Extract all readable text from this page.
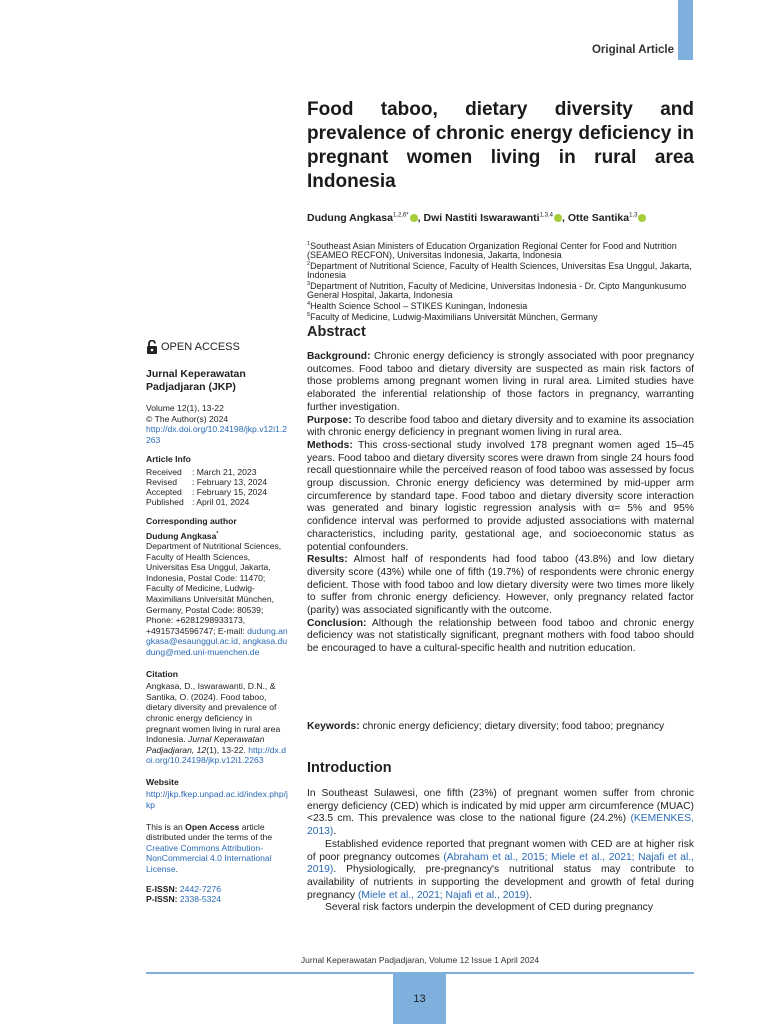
Original Article
Food taboo, dietary diversity and prevalence of chronic energy deficiency in pregnant women living in rural area Indonesia
Dudung Angkasa$^{1,2,6*}$ , Dwi Nastiti Iswarawanti$^{1,3,4}$ , Otte Santika$^{1,3}$
$^1$Southeast Asian Ministers of Education Organization Regional Center for Food and Nutrition (SEAMEO RECFON), Universitas Indonesia, Jakarta, Indonesia
$^2$Department of Nutritional Science, Faculty of Health Sciences, Universitas Esa Unggul, Jakarta, Indonesia
$^3$Department of Nutrition, Faculty of Medicine, Universitas Indonesia - Dr. Cipto Mangunkusumo General Hospital, Jakarta, Indonesia
$^4$Health Science School – STIKES Kuningan, Indonesia
$^5$Faculty of Medicine, Ludwig-Maximilians Universität München, Germany
Abstract

Background: Chronic energy deficiency is strongly associated with poor pregnancy outcomes. Food taboo and dietary diversity are suspected as main risk factors of those problems among pregnant women living in rural area. Limited studies have elaborated the inferential relationship of those factors in pregnancy, warranting further investigation.

Purpose: To describe food taboo and dietary diversity and to examine its association with chronic energy deficiency in pregnant women living in rural area.

Methods: This cross-sectional study involved 178 pregnant women aged 15–45 years. Food taboo and dietary diversity scores were drawn from single 24 hours food recall questionnaire while the perceived reason of food taboo was assessed by focus group discussion. Chronic energy deficiency was determined by mid-upper arm circumference by standard tape. Food taboo and dietary diversity score interaction was generated and binary logistic regression analysis with α= 5% and 95% confidence interval was performed to provide adjusted associations with maternal characteristics, including parity, gestational age, and socioeconomic status as potential confounders.

Results: Almost half of respondents had food taboo (43.8%) and low dietary diversity score (43%) while one of fifth (19.7%) of respondents were chronic energy deficient. Those with food taboo and low dietary diversity were two times more likely to suffer from chronic energy deficiency. However, only pregnancy related factor (parity) was associated significantly with the outcome.

Conclusion: Although the relationship between food taboo and chronic energy deficiency was not statistically significant, pregnant mothers with food taboo should be encouraged to have a cultural-specific health and nutrition education.

Keywords: chronic energy deficiency; dietary diversity; food taboo; pregnancy
Introduction

In Southeast Sulawesi, one fifth (23%) of pregnant women suffer from chronic energy deficiency (CED) which is indicated by mid upper arm circumference (MUAC) <23.5 cm. This prevalence was close to the national figure (24.2%) (KEMENKES, 2013).

Established evidence reported that pregnant women with CED are at higher risk of poor pregnancy outcomes (Abraham et al., 2015; Miele et al., 2021; Najafi et al., 2019). Physiologically, pre-pregnancy's nutritional status may contribute to availability of nutrients in supporting the development and growth of fetal during pregnancy (Miele et al., 2021; Najafi et al., 2019).

Several risk factors underpin the development of CED during pregnancy

OPEN ACCESS
Jurnal Keperawatan Padjadjaran (JKP)
Volume 12(1), 13-22
© The Author(s) 2024
http://dx.doi.org/10.24198/jkp.v12i1.2263
Article Info
Received	: March 21, 2023
Revised	: February 13, 2024
Accepted	: February 15, 2024
Published	: April 01, 2024
Corresponding author
Dudung Angkasa*
Department of Nutritional Sciences, Faculty of Health Sciences, Universitas Esa Unggul, Jakarta, Indonesia, Postal Code: 11470; Faculty of Medicine, Ludwig-Maximilians Universität München, Germany, Postal Code: 80539; Phone: +6281298933173, +4915734596747; E-mail: dudung.angkasa@esaunggul.ac.id, angkasa.dudung@med.uni-muenchen.de
Citation
Angkasa, D., Iswarawanti, D.N., & Santika, O. (2024). Food taboo, dietary diversity and prevalence of chronic energy deficiency in pregnant women living in rural area Indonesia. Jurnal Keperawatan Padjadjaran, 12(1), 13-22. http://dx.doi.org/10.24198/jkp.v12i1.2263
Website
http://jkp.fkep.unpad.ac.id/index.php/jkp
This is an Open Access article distributed under the terms of the Creative Commons Attribution-NonCommercial 4.0 International License.
E-ISSN: 2442-7276
P-ISSN: 2338-5324
Jurnal Keperawatan Padjadjaran, Volume 12 Issue 1 April 2024
13
